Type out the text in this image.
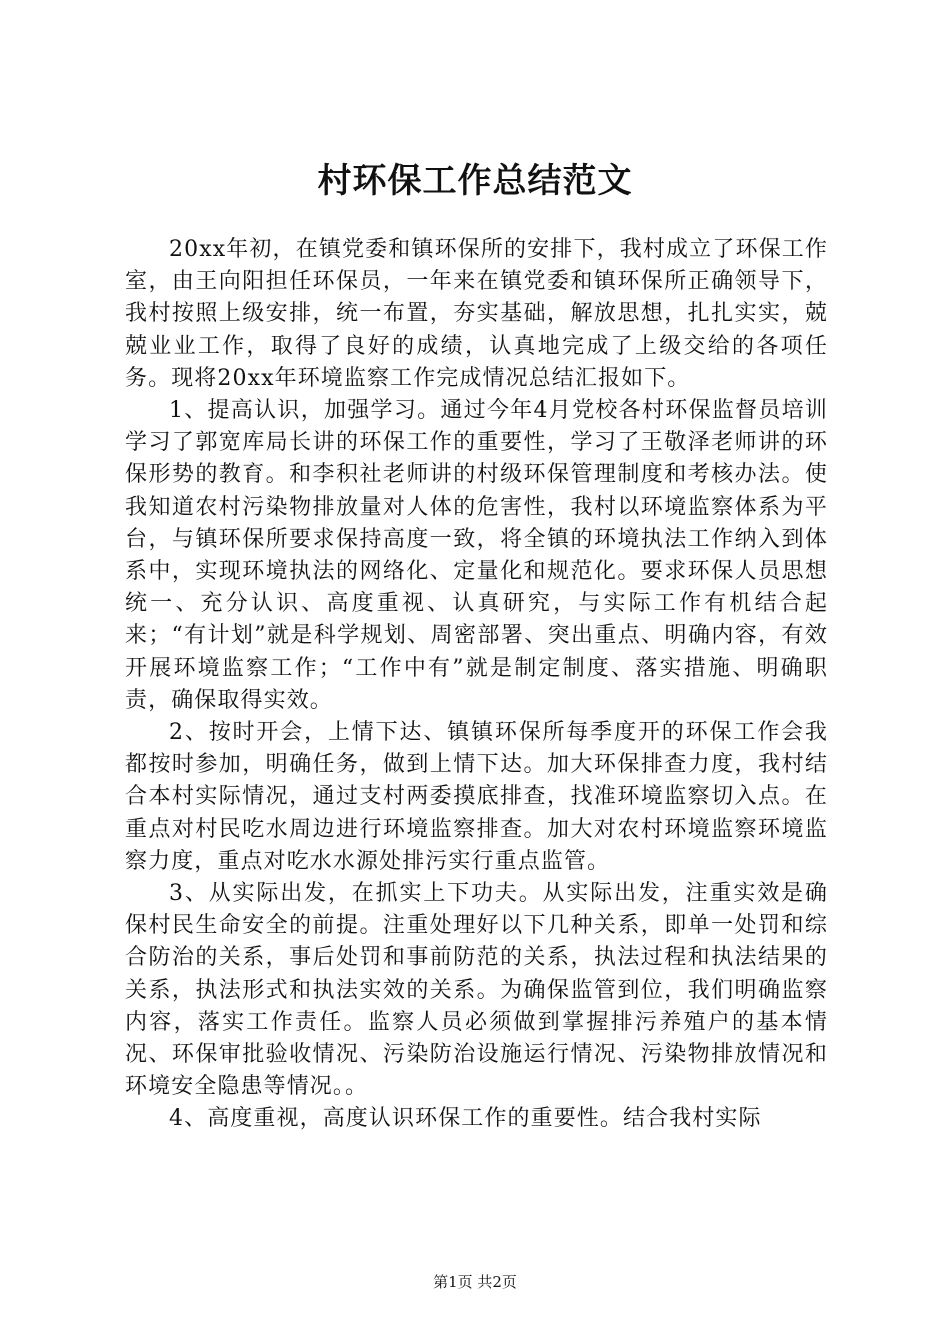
村环保工作总结范文

20xx年初，在镇党委和镇环保所的安排下，我村成立了环保工作室，由王向阳担任环保员，一年来在镇党委和镇环保所正确领导下，我村按照上级安排，统一布置，夯实基础，解放思想，扎扎实实，兢兢业业工作，取得了良好的成绩，认真地完成了上级交给的各项任务。现将20xx年环境监察工作完成情况总结汇报如下。

1、提高认识，加强学习。通过今年4月党校各村环保监督员培训学习了郭宽库局长讲的环保工作的重要性，学习了王敬泽老师讲的环保形势的教育。和李积社老师讲的村级环保管理制度和考核办法。使我知道农村污染物排放量对人体的危害性，我村以环境监察体系为平台，与镇环保所要求保持高度一致，将全镇的环境执法工作纳入到体系中，实现环境执法的网络化、定量化和规范化。要求环保人员思想统一、充分认识、高度重视、认真研究，与实际工作有机结合起来；“有计划”就是科学规划、周密部署、突出重点、明确内容，有效开展环境监察工作；“工作中有”就是制定制度、落实措施、明确职责，确保取得实效。

2、按时开会，上情下达、镇镇环保所每季度开的环保工作会我都按时参加，明确任务，做到上情下达。加大环保排查力度，我村结合本村实际情况，通过支村两委摸底排查，找准环境监察切入点。在重点对村民吃水周边进行环境监察排查。加大对农村环境监察环境监察力度，重点对吃水水源处排污实行重点监管。

3、从实际出发，在抓实上下功夫。从实际出发，注重实效是确保村民生命安全的前提。注重处理好以下几种关系，即单一处罚和综合防治的关系，事后处罚和事前防范的关系，执法过程和执法结果的关系，执法形式和执法实效的关系。为确保监管到位，我们明确监察内容，落实工作责任。监察人员必须做到掌握排污养殖户的基本情况、环保审批验收情况、污染防治设施运行情况、污染物排放情况和环境安全隐患等情况。。

4、高度重视，高度认识环保工作的重要性。结合我村实际

第1页 共2页
